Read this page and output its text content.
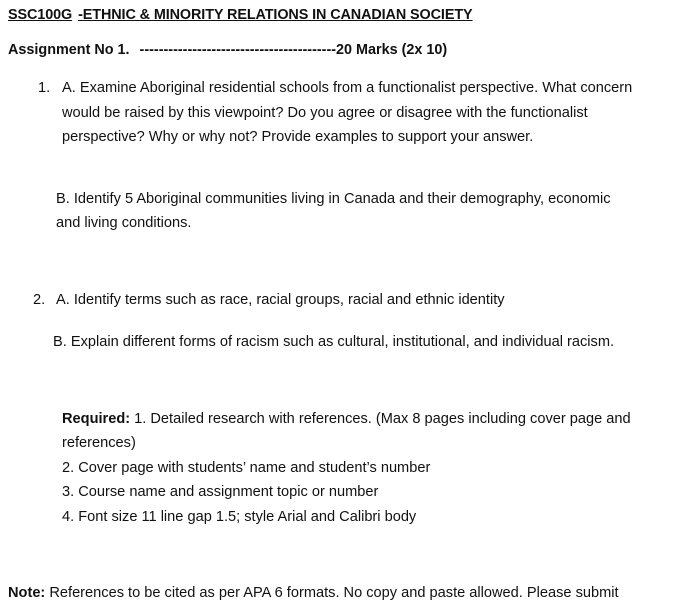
SSC100G -ETHNIC & MINORITY RELATIONS IN CANADIAN SOCIETY
Assignment No 1. -----------------------------------------20 Marks (2x 10)
1. A. Examine Aboriginal residential schools from a functionalist perspective. What concern
would be raised by this viewpoint? Do you agree or disagree with the functionalist
perspective? Why or why not? Provide examples to support your answer.
B. Identify 5 Aboriginal communities living in Canada and their demography, economic
and living conditions.
2. A. Identify terms such as race, racial groups, racial and ethnic identity
B. Explain different forms of racism such as cultural, institutional, and individual racism.
Required: 1. Detailed research with references. (Max 8 pages including cover page and
references)
2. Cover page with students’ name and student’s number
3. Course name and assignment topic or number
4. Font size 11 line gap 1.5; style Arial and Calibri body
Note: References to be cited as per APA 6 formats. No copy and paste allowed. Please submit
